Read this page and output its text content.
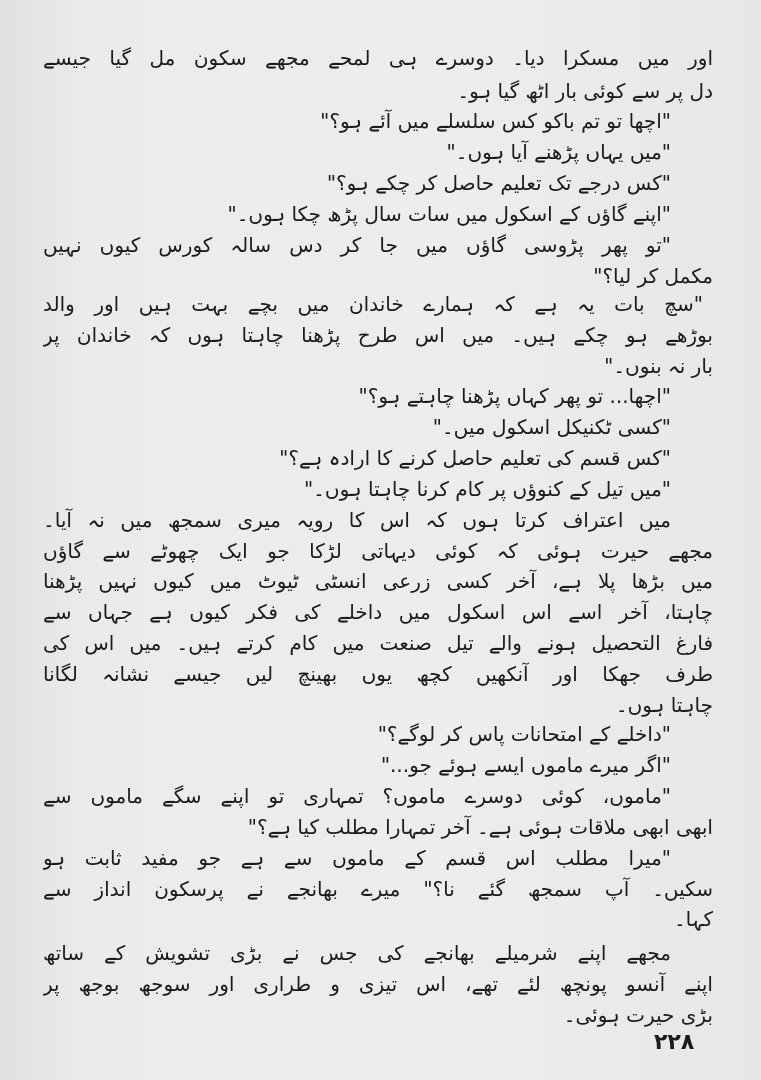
اور میں مسکرا دیا۔ دوسرے ہی لمحے مجھے سکون مل گیا جیسے

دل پر سے کوئی بار اٹھ گیا ہو۔

"اچھا تو تم باکو کس سلسلے میں آئے ہو؟"

"میں یہاں پڑھنے آیا ہوں۔"

"کس درجے تک تعلیم حاصل کر چکے ہو؟"

"اپنے گاؤں کے اسکول میں سات سال پڑھ چکا ہوں۔"

"تو پھر پڑوسی گاؤں میں جا کر دس سالہ کورس کیوں نہیں

مکمل کر لیا؟"

"سچ بات یہ ہے کہ ہمارے خاندان میں بچے بہت ہیں اور والد

بوڑھے ہو چکے ہیں۔ میں اس طرح پڑھنا چاہتا ہوں کہ خاندان پر

بار نہ بنوں۔"

"اچھا... تو پھر کہاں پڑھنا چاہتے ہو؟"

"کسی ٹکنیکل اسکول میں۔"

"کس قسم کی تعلیم حاصل کرنے کا ارادہ ہے؟"

"میں تیل کے کنوؤں پر کام کرنا چاہتا ہوں۔"

میں اعتراف کرتا ہوں کہ اس کا رویہ میری سمجھ میں نہ آیا۔

مجھے حیرت ہوئی کہ کوئی دیہاتی لڑکا جو ایک چھوٹے سے گاؤں

میں بڑھا پلا ہے، آخر کسی زرعی انسٹی ٹیوٹ میں کیوں نہیں پڑھنا

چاہتا، آخر اسے اس اسکول میں داخلے کی فکر کیوں ہے جہاں سے

فارغ التحصیل ہونے والے تیل صنعت میں کام کرتے ہیں۔ میں اس کی

طرف جھکا اور آنکھیں کچھ یوں بھینچ لیں جیسے نشانہ لگانا

چاہتا ہوں۔

"داخلے کے امتحانات پاس کر لوگے؟"

"اگر میرے ماموں ایسے ہوئے جو..."

"ماموں، کوئی دوسرے ماموں؟ تمہاری تو اپنے سگے ماموں سے

ابھی ابھی ملاقات ہوئی ہے۔ آخر تمہارا مطلب کیا ہے؟"

"میرا مطلب اس قسم کے ماموں سے ہے جو مفید ثابت ہو

سکیں۔ آپ سمجھ گئے نا؟" میرے بھانجے نے پرسکون انداز سے

کہا۔

مجھے اپنے شرمیلے بھانجے کی جس نے بڑی تشویش کے ساتھ

اپنے آنسو پونچھ لئے تھے، اس تیزی و طراری اور سوجھ بوجھ پر

بڑی حیرت ہوئی۔

۲۲۸
